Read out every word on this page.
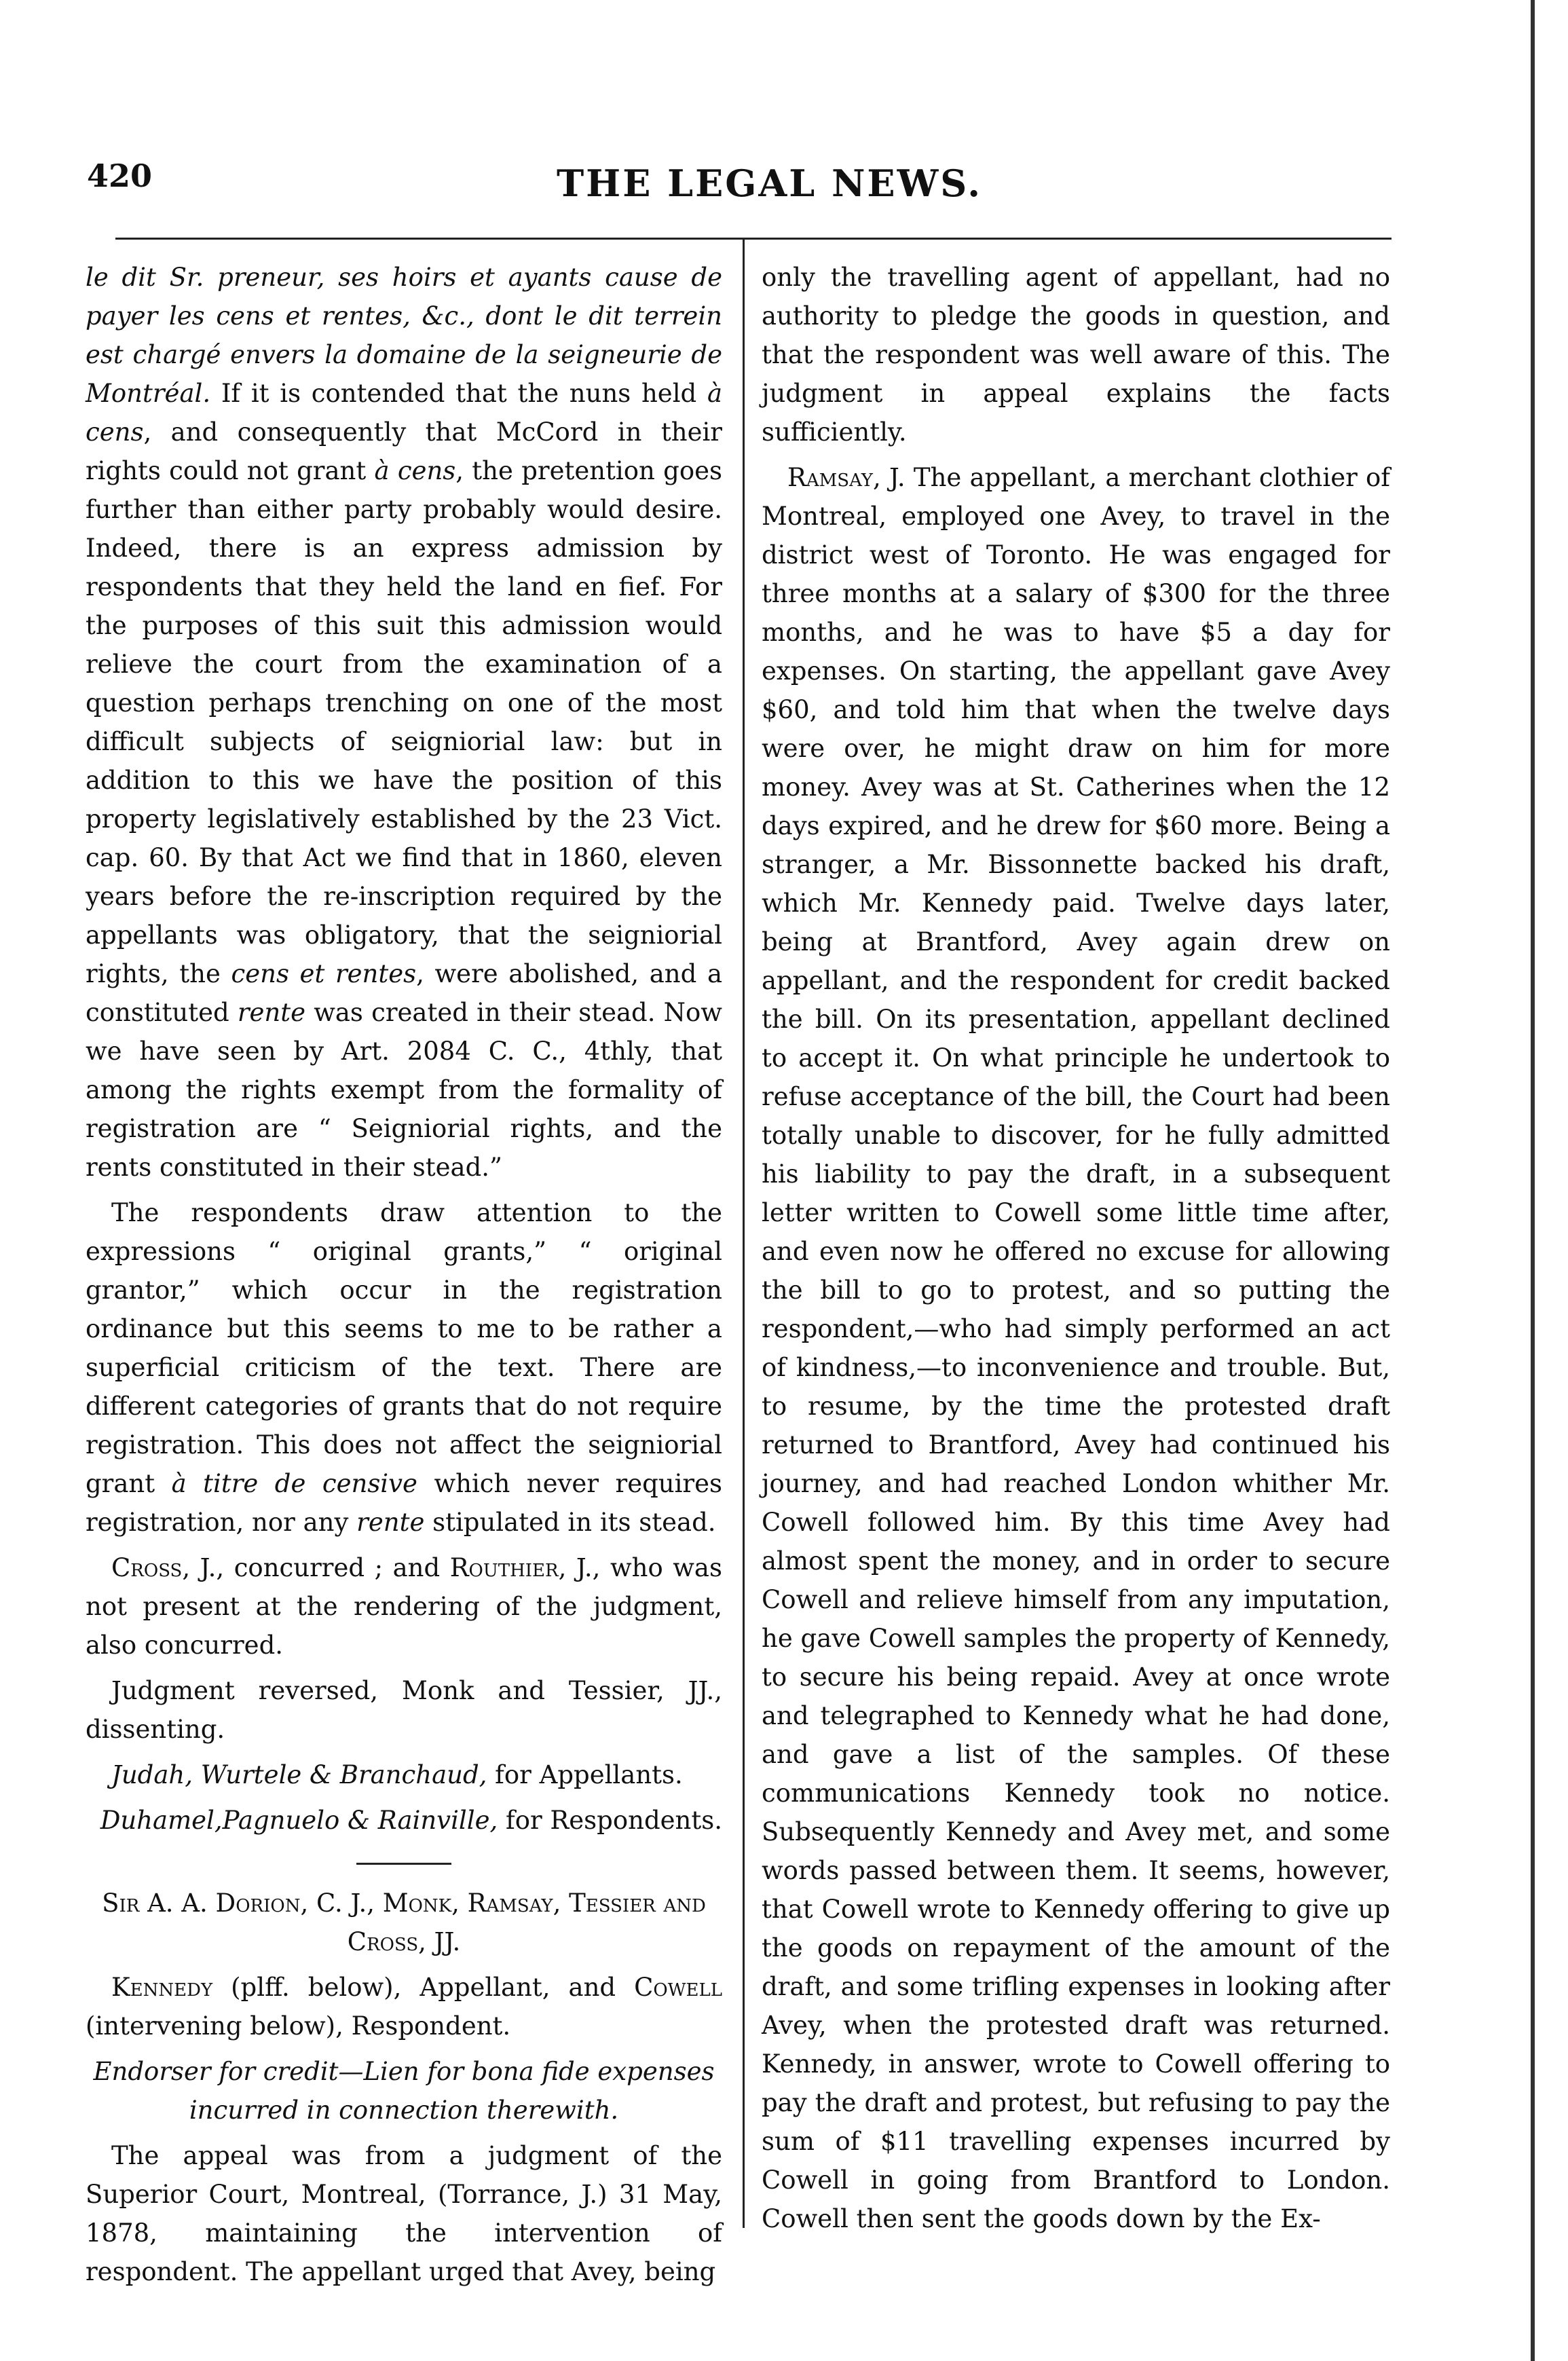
420	THE LEGAL NEWS.

le dit Sr. preneur, ses hoirs et ayants cause de payer les cens et rentes, &c., dont le dit terrein est chargé envers la domaine de la seigneurie de Montréal. If it is contended that the nuns held à cens, and consequently that McCord in their rights could not grant à cens, the pretention goes further than either party probably would desire. Indeed, there is an express admission by respondents that they held the land en fief. For the purposes of this suit this admission would relieve the court from the examination of a question perhaps trenching on one of the most difficult subjects of seigniorial law: but in addition to this we have the position of this property legislatively established by the 23 Vict. cap. 60. By that Act we find that in 1860, eleven years before the re-inscription required by the appellants was obligatory, that the seigniorial rights, the cens et rentes, were abolished, and a constituted rente was created in their stead. Now we have seen by Art. 2084 C. C., 4thly, that among the rights exempt from the formality of registration are “ Seigniorial rights, and the rents constituted in their stead.”

The respondents draw attention to the expressions “ original grants,” “ original grantor,” which occur in the registration ordinance but this seems to me to be rather a superficial criticism of the text. There are different categories of grants that do not require registration. This does not affect the seigniorial grant à titre de censive which never requires registration, nor any rente stipulated in its stead.

Cross, J., concurred ; and Routhier, J., who was not present at the rendering of the judgment, also concurred.

Judgment reversed, Monk and Tessier, JJ., dissenting.

Judah, Wurtele & Branchaud, for Appellants.

Duhamel,Pagnuelo & Rainville, for Respondents.

Sir A. A. Dorion, C. J., Monk, Ramsay, Tessier and Cross, JJ.

Kennedy (plff. below), Appellant, and Cowell (intervening below), Respondent.

Endorser for credit—Lien for bona fide expenses incurred in connection therewith.

The appeal was from a judgment of the Superior Court, Montreal, (Torrance, J.) 31 May, 1878, maintaining the intervention of respondent. The appellant urged that Avey, being

only the travelling agent of appellant, had no authority to pledge the goods in question, and that the respondent was well aware of this. The judgment in appeal explains the facts sufficiently.

Ramsay, J. The appellant, a merchant clothier of Montreal, employed one Avey, to travel in the district west of Toronto. He was engaged for three months at a salary of $300 for the three months, and he was to have $5 a day for expenses. On starting, the appellant gave Avey $60, and told him that when the twelve days were over, he might draw on him for more money. Avey was at St. Catherines when the 12 days expired, and he drew for $60 more. Being a stranger, a Mr. Bissonnette backed his draft, which Mr. Kennedy paid. Twelve days later, being at Brantford, Avey again drew on appellant, and the respondent for credit backed the bill. On its presentation, appellant declined to accept it. On what principle he undertook to refuse acceptance of the bill, the Court had been totally unable to discover, for he fully admitted his liability to pay the draft, in a subsequent letter written to Cowell some little time after, and even now he offered no excuse for allowing the bill to go to protest, and so putting the respondent,—who had simply performed an act of kindness,—to inconvenience and trouble. But, to resume, by the time the protested draft returned to Brantford, Avey had continued his journey, and had reached London whither Mr. Cowell followed him. By this time Avey had almost spent the money, and in order to secure Cowell and relieve himself from any imputation, he gave Cowell samples the property of Kennedy, to secure his being repaid. Avey at once wrote and telegraphed to Kennedy what he had done, and gave a list of the samples. Of these communications Kennedy took no notice. Subsequently Kennedy and Avey met, and some words passed between them. It seems, however, that Cowell wrote to Kennedy offering to give up the goods on repayment of the amount of the draft, and some trifling expenses in looking after Avey, when the protested draft was returned. Kennedy, in answer, wrote to Cowell offering to pay the draft and protest, but refusing to pay the sum of $11 travelling expenses incurred by Cowell in going from Brantford to London. Cowell then sent the goods down by the Ex-
